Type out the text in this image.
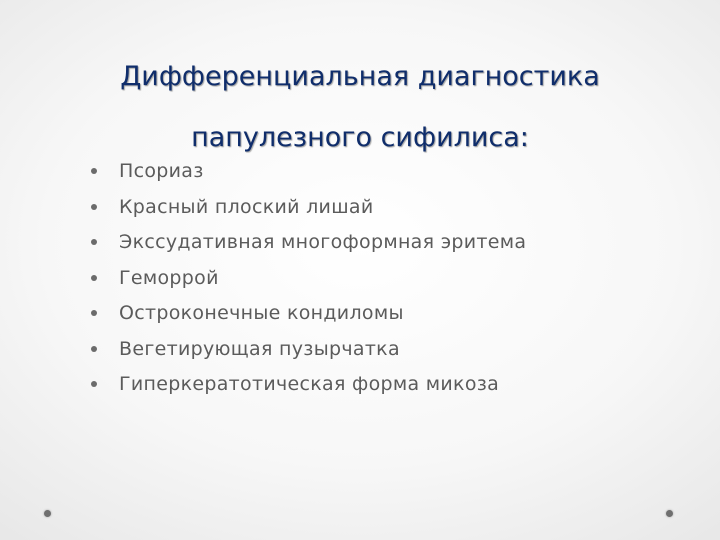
Дифференциальная диагностика
папулезного сифилиса:
Псориаз
Красный плоский лишай
Экссудативная многоформная эритема
Геморрой
Остроконечные кондиломы
Вегетирующая пузырчатка
Гиперкератотическая форма микоза
